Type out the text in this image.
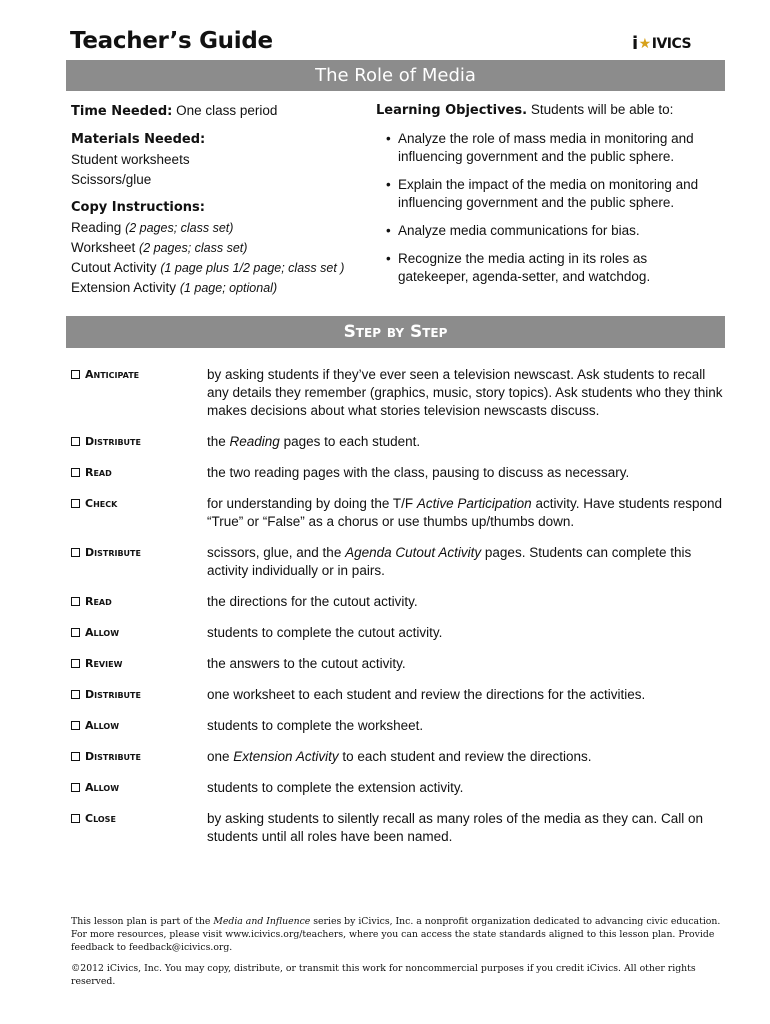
Teacher’s Guide	i ★ IVICS
The Role of Media
Time Needed: One class period
Materials Needed:
Student worksheets
Scissors/glue
Copy Instructions:
Reading (2 pages; class set)
Worksheet (2 pages; class set)
Cutout Activity (1 page plus 1/2 page; class set )
Extension Activity (1 page; optional)
Learning Objectives. Students will be able to:
• Analyze the role of mass media in monitoring and influencing government and the public sphere.
• Explain the impact of the media on monitoring and influencing government and the public sphere.
• Analyze media communications for bias.
• Recognize the media acting in its roles as gatekeeper, agenda-setter, and watchdog.
Step by Step
Anticipate	by asking students if they’ve ever seen a television newscast. Ask students to recall any details they remember (graphics, music, story topics). Ask students who they think makes decisions about what stories television newscasts discuss.
Distribute	the Reading pages to each student.
Read	the two reading pages with the class, pausing to discuss as necessary.
Check	for understanding by doing the T/F Active Participation activity. Have students respond “True” or “False” as a chorus or use thumbs up/thumbs down.
Distribute	scissors, glue, and the Agenda Cutout Activity pages. Students can complete this activity individually or in pairs.
Read	the directions for the cutout activity.
Allow	students to complete the cutout activity.
Review	the answers to the cutout activity.
Distribute	one worksheet to each student and review the directions for the activities.
Allow	students to complete the worksheet.
Distribute	one Extension Activity to each student and review the directions.
Allow	students to complete the extension activity.
Close	by asking students to silently recall as many roles of the media as they can. Call on students until all roles have been named.

This lesson plan is part of the Media and Influence series by iCivics, Inc. a nonprofit organization dedicated to advancing civic education. For more resources, please visit www.icivics.org/teachers, where you can access the state standards aligned to this lesson plan. Provide feedback to feedback@icivics.org.

©2012 iCivics, Inc. You may copy, distribute, or transmit this work for noncommercial purposes if you credit iCivics. All other rights reserved.
